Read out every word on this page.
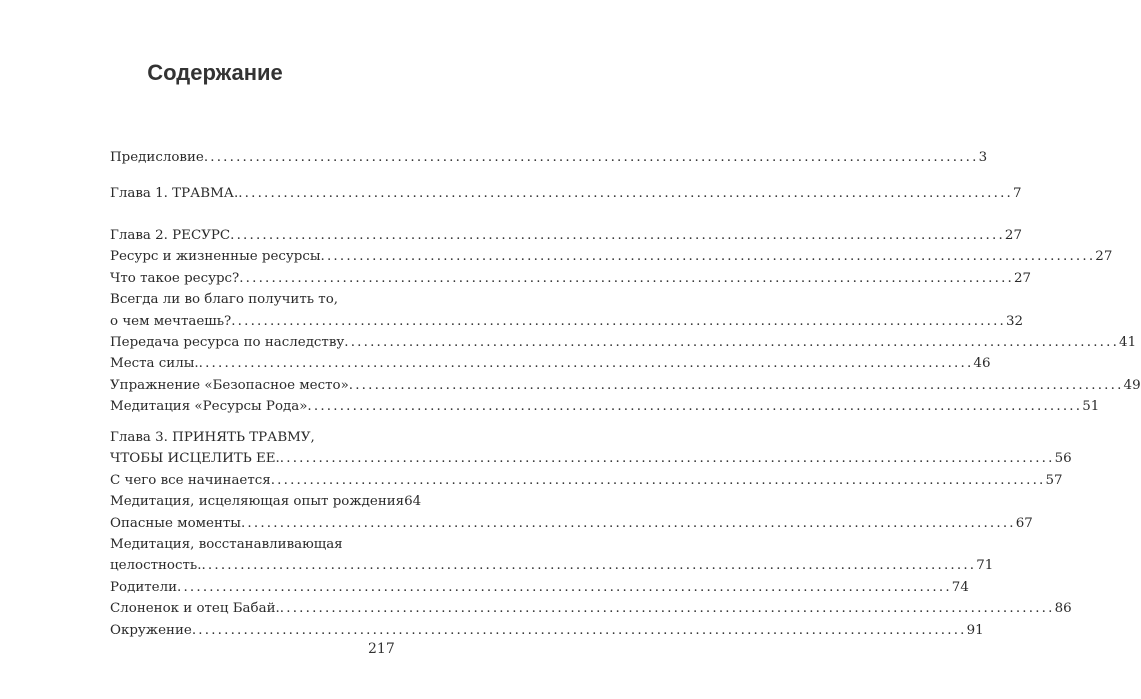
Содержание
Предисловие .....	3
Глава 1. ТРАВМА. .....	7
Глава 2. РЕСУРС .....	27
Ресурс и жизненные ресурсы .....	27
Что такое ресурс? .....	27
Всегда ли во благо получить то,
о чем мечтаешь? .....	32
Передача ресурса по наследству .....	41
Места силы. .....	46
Упражнение «Безопасное место» .....	49
Медитация «Ресурсы Рода» .....	51
Глава 3. ПРИНЯТЬ ТРАВМУ,
ЧТОБЫ ИСЦЕЛИТЬ ЕЕ. .....	56
С чего все начинается .....	57
Медитация, исцеляющая опыт рождения 64
Опасные моменты .....	67
Медитация, восстанавливающая
целостность. .....	71
Родители .....	74
Слоненок и отец Бабай. .....	86
Окружение .....	91
217
